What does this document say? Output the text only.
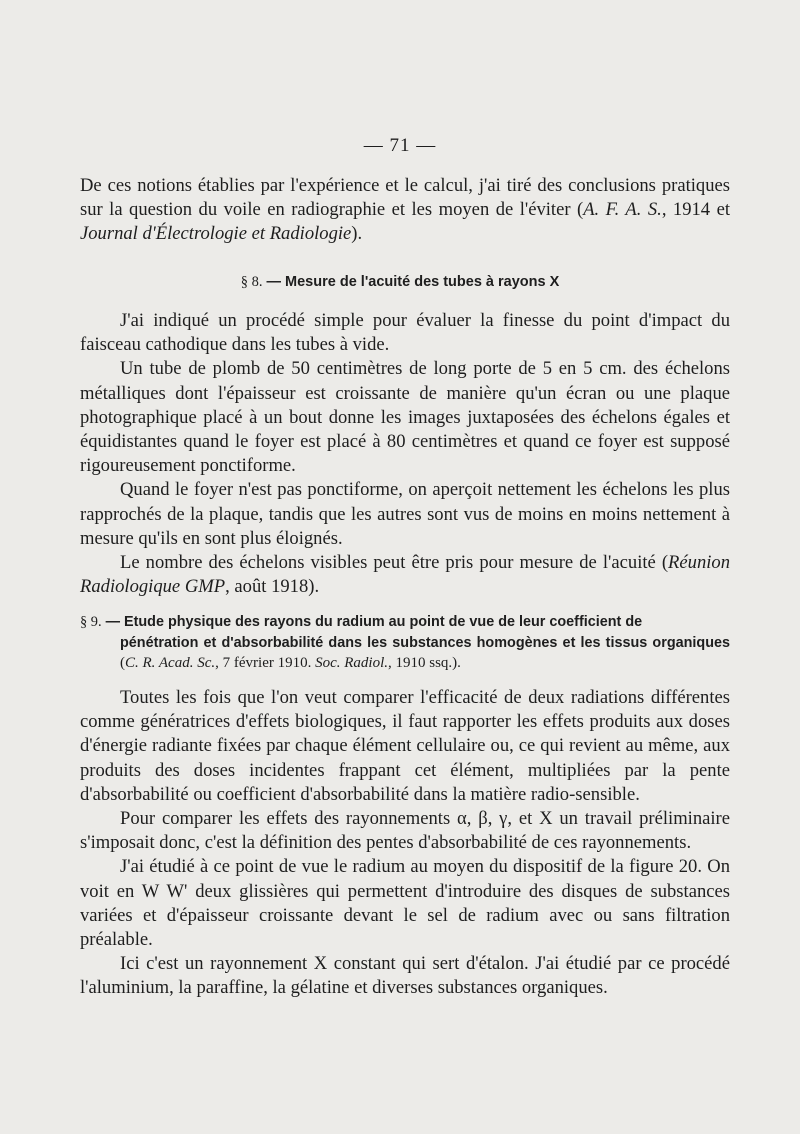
— 71 —

De ces notions établies par l'expérience et le calcul, j'ai tiré des conclusions pratiques sur la question du voile en radiographie et les moyen de l'éviter (A. F. A. S., 1914 et Journal d'Électrologie et Radiologie).

§ 8. — Mesure de l'acuité des tubes à rayons X

J'ai indiqué un procédé simple pour évaluer la finesse du point d'impact du faisceau cathodique dans les tubes à vide.

Un tube de plomb de 50 centimètres de long porte de 5 en 5 cm. des échelons métalliques dont l'épaisseur est croissante de manière qu'un écran ou une plaque photographique placé à un bout donne les images juxtaposées des échelons égales et équidistantes quand le foyer est placé à 80 centimètres et quand ce foyer est supposé rigoureusement ponctiforme.

Quand le foyer n'est pas ponctiforme, on aperçoit nettement les échelons les plus rapprochés de la plaque, tandis que les autres sont vus de moins en moins nettement à mesure qu'ils en sont plus éloignés.

Le nombre des échelons visibles peut être pris pour mesure de l'acuité (Réunion Radiologique GMP, août 1918).

§ 9. — Etude physique des rayons du radium au point de vue de leur coefficient de
pénétration et d'absorbabilité dans les substances homogènes et les tissus organiques (C. R. Acad. Sc., 7 février 1910. Soc. Radiol., 1910 ssq.).

Toutes les fois que l'on veut comparer l'efficacité de deux radiations différentes comme génératrices d'effets biologiques, il faut rapporter les effets produits aux doses d'énergie radiante fixées par chaque élément cellulaire ou, ce qui revient au même, aux produits des doses incidentes frappant cet élément, multipliées par la pente d'absorbabilité ou coefficient d'absorbabilité dans la matière radio-sensible.

Pour comparer les effets des rayonnements α, β, γ, et X un travail préliminaire s'imposait donc, c'est la définition des pentes d'absorbabilité de ces rayonnements.

J'ai étudié à ce point de vue le radium au moyen du dispositif de la figure 20. On voit en W W' deux glissières qui permettent d'introduire des disques de substances variées et d'épaisseur croissante devant le sel de radium avec ou sans filtration préalable.

Ici c'est un rayonnement X constant qui sert d'étalon. J'ai étudié par ce procédé l'aluminium, la paraffine, la gélatine et diverses substances organiques.
